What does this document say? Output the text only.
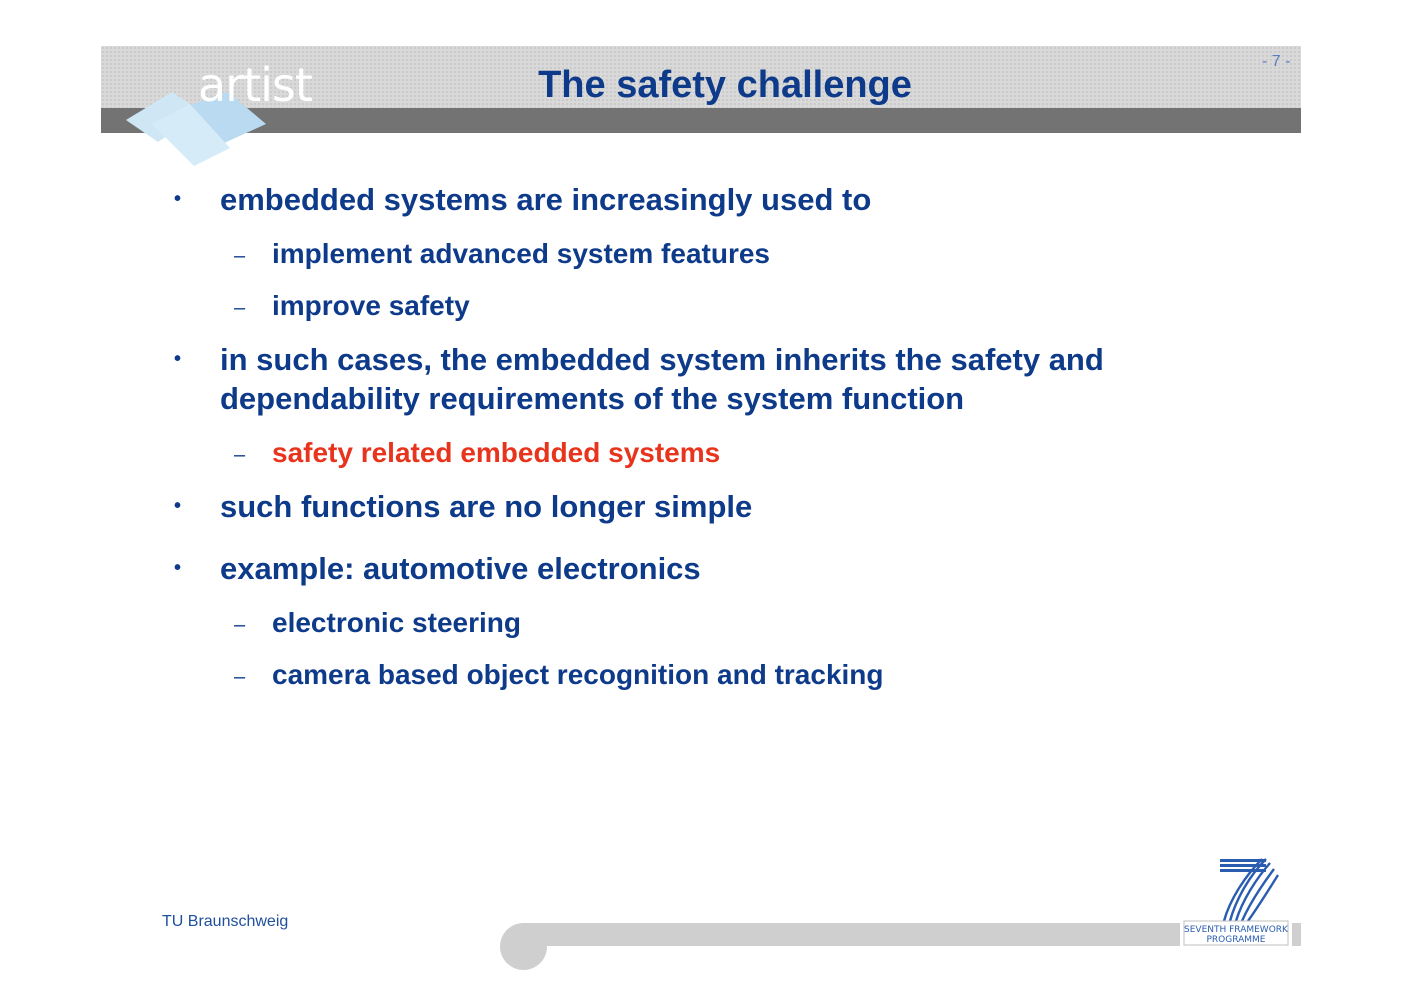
artist	The safety challenge
- 7 -
• embedded systems are increasingly used to
– implement advanced system features
– improve safety
• in such cases, the embedded system inherits the safety and dependability requirements of the system function
– safety related embedded systems
• such functions are no longer simple
• example: automotive electronics
– electronic steering
– camera based object recognition and tracking
TU Braunschweig	SEVENTH FRAMEWORK
PROGRAMME
